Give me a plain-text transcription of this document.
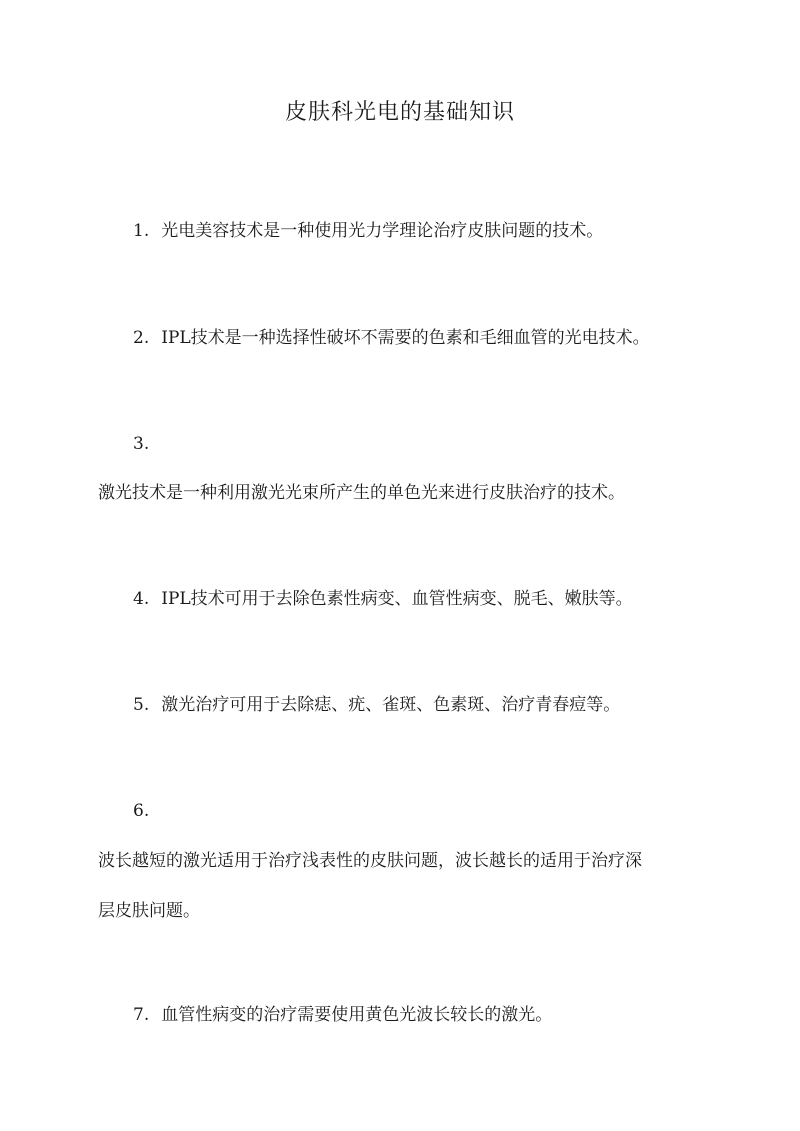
皮肤科光电的基础知识
1. 光电美容技术是一种使用光力学理论治疗皮肤问题的技术。
2. IPL技术是一种选择性破坏不需要的色素和毛细血管的光电技术。
3.
激光技术是一种利用激光光束所产生的单色光来进行皮肤治疗的技术。
4. IPL技术可用于去除色素性病变、血管性病变、脱毛、嫩肤等。
5. 激光治疗可用于去除痣、疣、雀斑、色素斑、治疗青春痘等。
6.
波长越短的激光适用于治疗浅表性的皮肤问题，波长越长的适用于治疗深
层皮肤问题。
7. 血管性病变的治疗需要使用黄色光波长较长的激光。
